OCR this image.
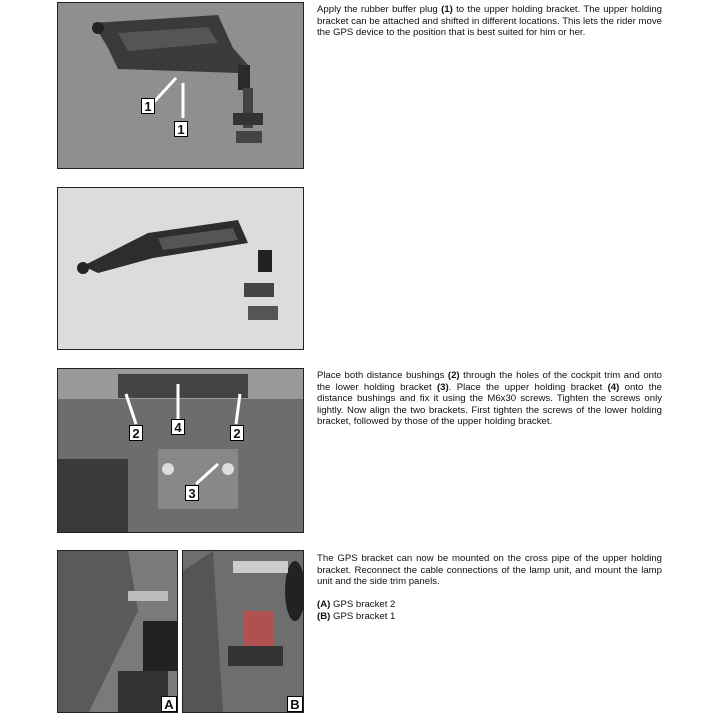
1
1

Apply the rubber buffer plug (1) to the upper holding bracket. The upper holding bracket can be attached and shifted in different locations. This lets the rider move the GPS device to the position that is best suited for him or her.

2	4	2
3

Place both distance bushings (2) through the holes of the cockpit trim and onto the lower holding bracket (3). Place the upper holding bracket (4) onto the distance bushings and fix it using the M6x30 screws. Tighten the screws only lightly. Now align the two brackets. First tighten the screws of the lower holding bracket, followed by those of the upper holding bracket.

A	B

The GPS bracket can now be mounted on the cross pipe of the upper holding bracket. Reconnect the cable connections of the lamp unit, and mount the lamp unit and the side trim panels.

(A) GPS bracket 2
(B) GPS bracket 1
